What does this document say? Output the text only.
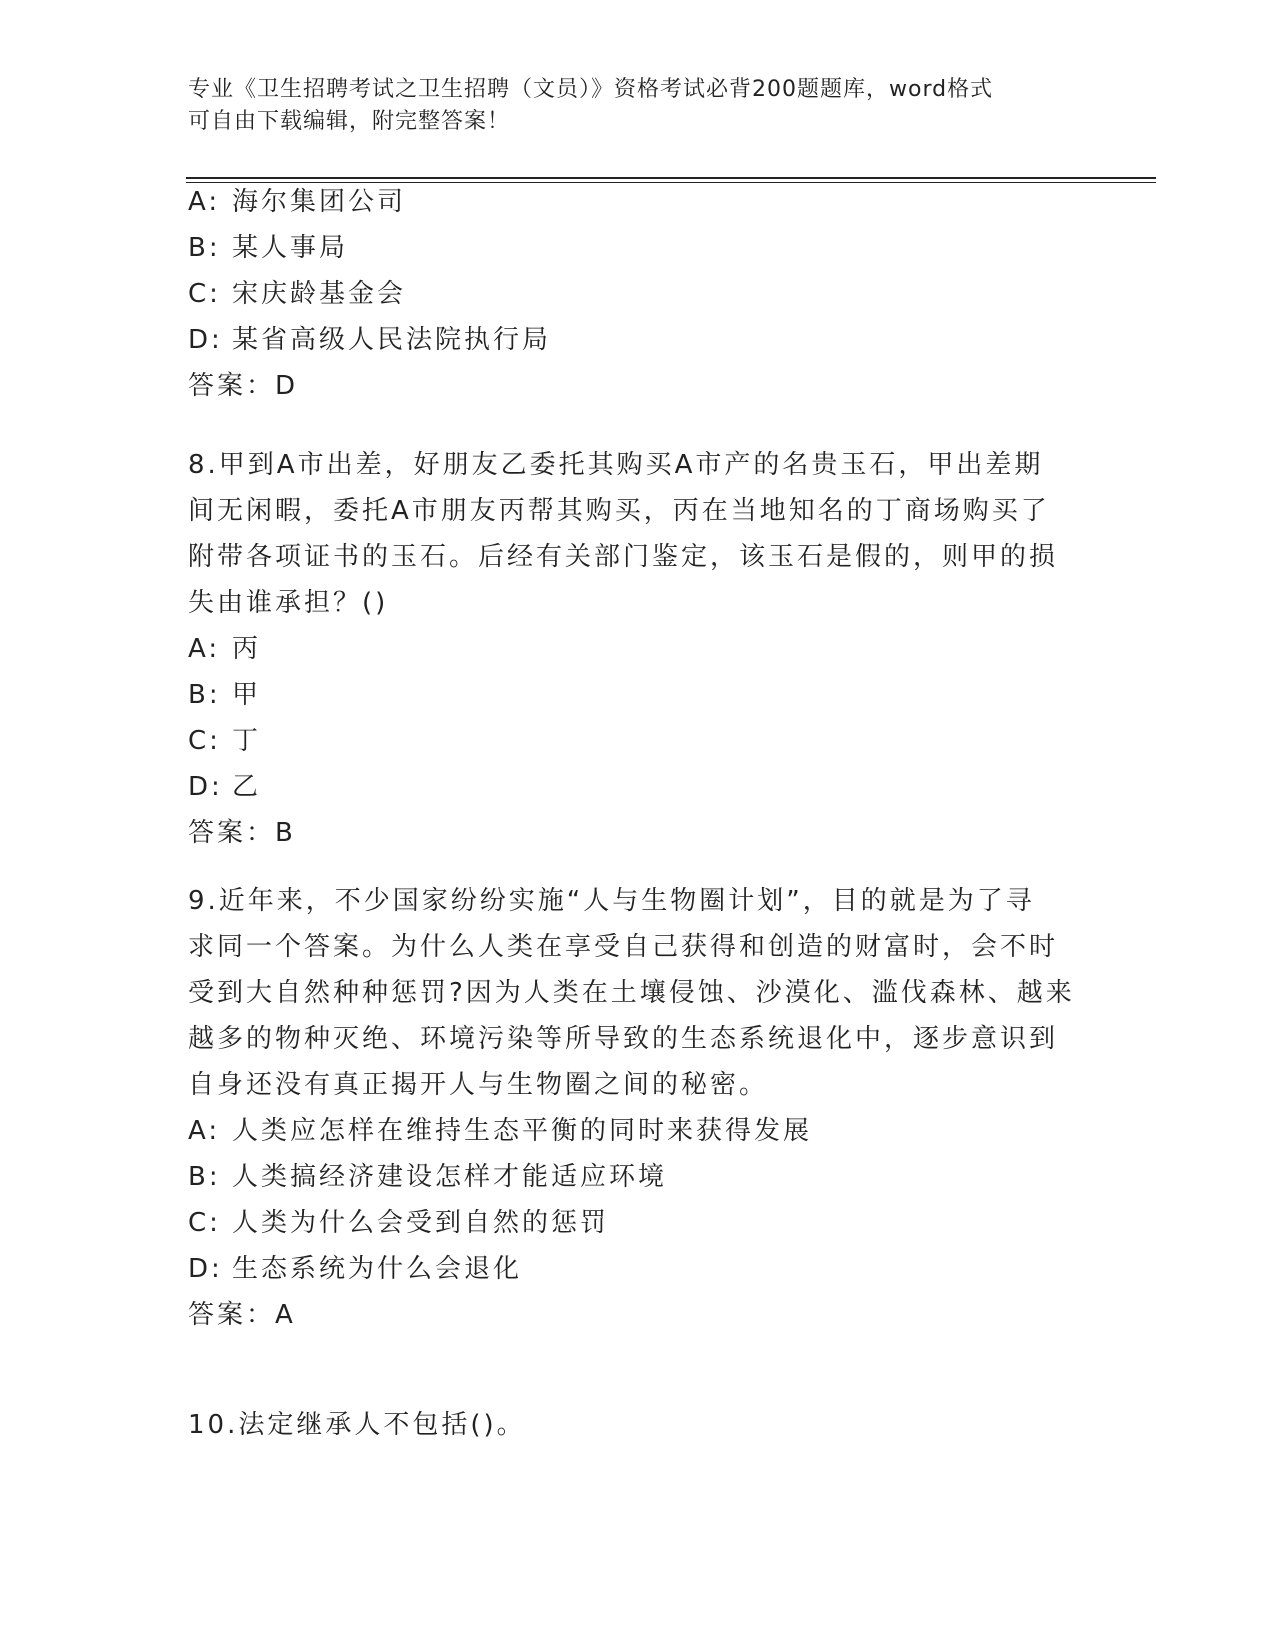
专业《卫生招聘考试之卫生招聘（文员）》资格考试必背200题题库，word格式
可自由下载编辑，附完整答案！
A: 海尔集团公司
B: 某人事局
C: 宋庆龄基金会
D: 某省高级人民法院执行局
答案：D
8.甲到A市出差，好朋友乙委托其购买A市产的名贵玉石，甲出差期
间无闲暇，委托A市朋友丙帮其购买，丙在当地知名的丁商场购买了
附带各项证书的玉石。后经有关部门鉴定，该玉石是假的，则甲的损
失由谁承担？()
A: 丙
B: 甲
C: 丁
D: 乙
答案：B
9.近年来，不少国家纷纷实施“人与生物圈计划”，目的就是为了寻
求同一个答案。为什么人类在享受自己获得和创造的财富时，会不时
受到大自然种种惩罚?因为人类在土壤侵蚀、沙漠化、滥伐森林、越来
越多的物种灭绝、环境污染等所导致的生态系统退化中，逐步意识到
自身还没有真正揭开人与生物圈之间的秘密。
A: 人类应怎样在维持生态平衡的同时来获得发展
B: 人类搞经济建设怎样才能适应环境
C: 人类为什么会受到自然的惩罚
D: 生态系统为什么会退化
答案：A
10.法定继承人不包括()。
